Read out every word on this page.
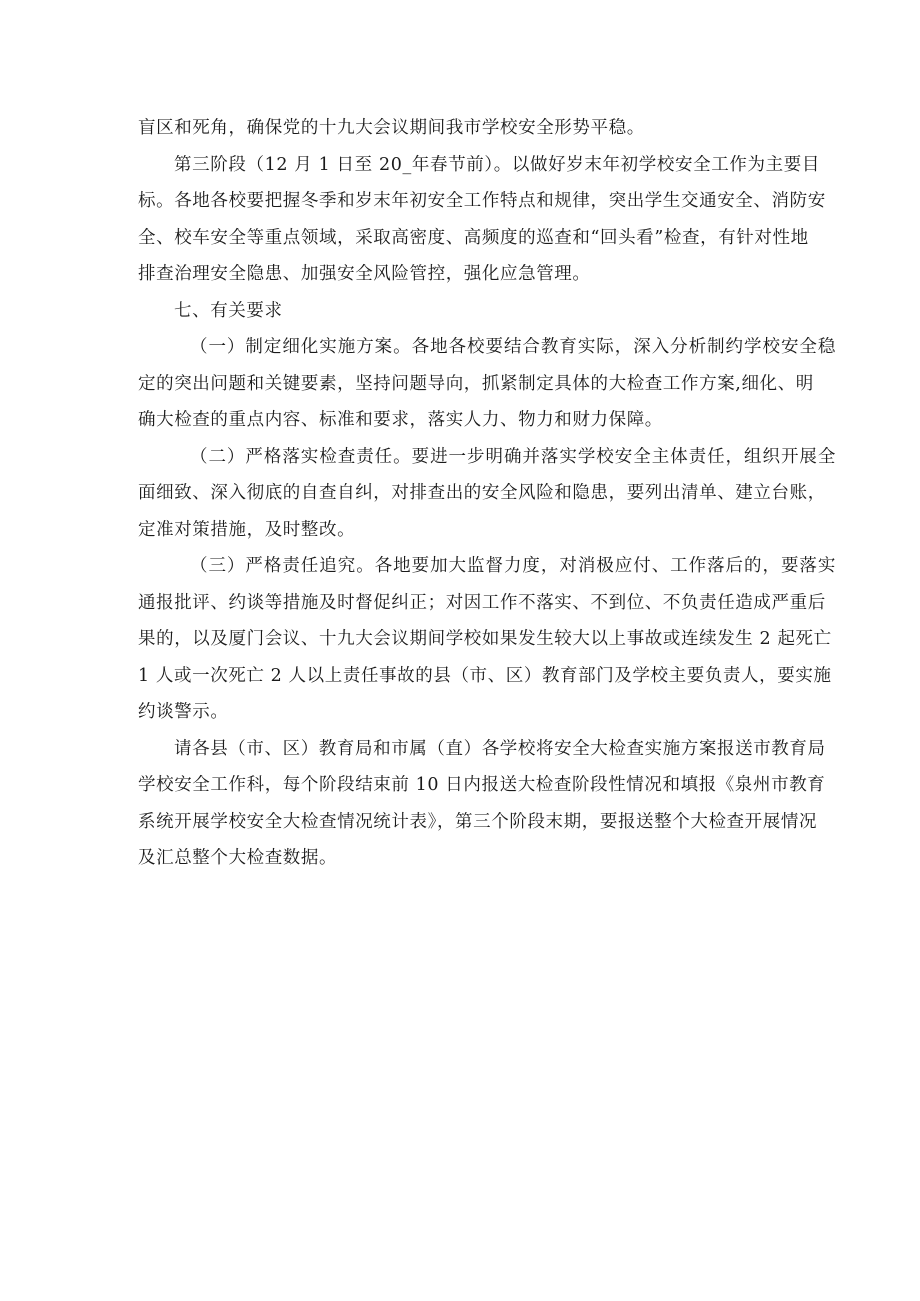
盲区和死角，确保党的十九大会议期间我市学校安全形势平稳。
第三阶段（12 月 1 日至 20_年春节前）。以做好岁末年初学校安全工作为主要目
标。各地各校要把握冬季和岁末年初安全工作特点和规律，突出学生交通安全、消防安
全、校车安全等重点领域，采取高密度、高频度的巡查和“回头看”检查，有针对性地
排查治理安全隐患、加强安全风险管控，强化应急管理。
七、有关要求
（一）制定细化实施方案。各地各校要结合教育实际，深入分析制约学校安全稳
定的突出问题和关键要素，坚持问题导向，抓紧制定具体的大检查工作方案,细化、明
确大检查的重点内容、标准和要求，落实人力、物力和财力保障。
（二）严格落实检查责任。要进一步明确并落实学校安全主体责任，组织开展全
面细致、深入彻底的自查自纠，对排查出的安全风险和隐患，要列出清单、建立台账，
定准对策措施，及时整改。
（三）严格责任追究。各地要加大监督力度，对消极应付、工作落后的，要落实
通报批评、约谈等措施及时督促纠正；对因工作不落实、不到位、不负责任造成严重后
果的，以及厦门会议、十九大会议期间学校如果发生较大以上事故或连续发生 2 起死亡
1 人或一次死亡 2 人以上责任事故的县（市、区）教育部门及学校主要负责人，要实施
约谈警示。
请各县（市、区）教育局和市属（直）各学校将安全大检查实施方案报送市教育局
学校安全工作科，每个阶段结束前 10 日内报送大检查阶段性情况和填报《泉州市教育
系统开展学校安全大检查情况统计表》，第三个阶段末期，要报送整个大检查开展情况
及汇总整个大检查数据。
